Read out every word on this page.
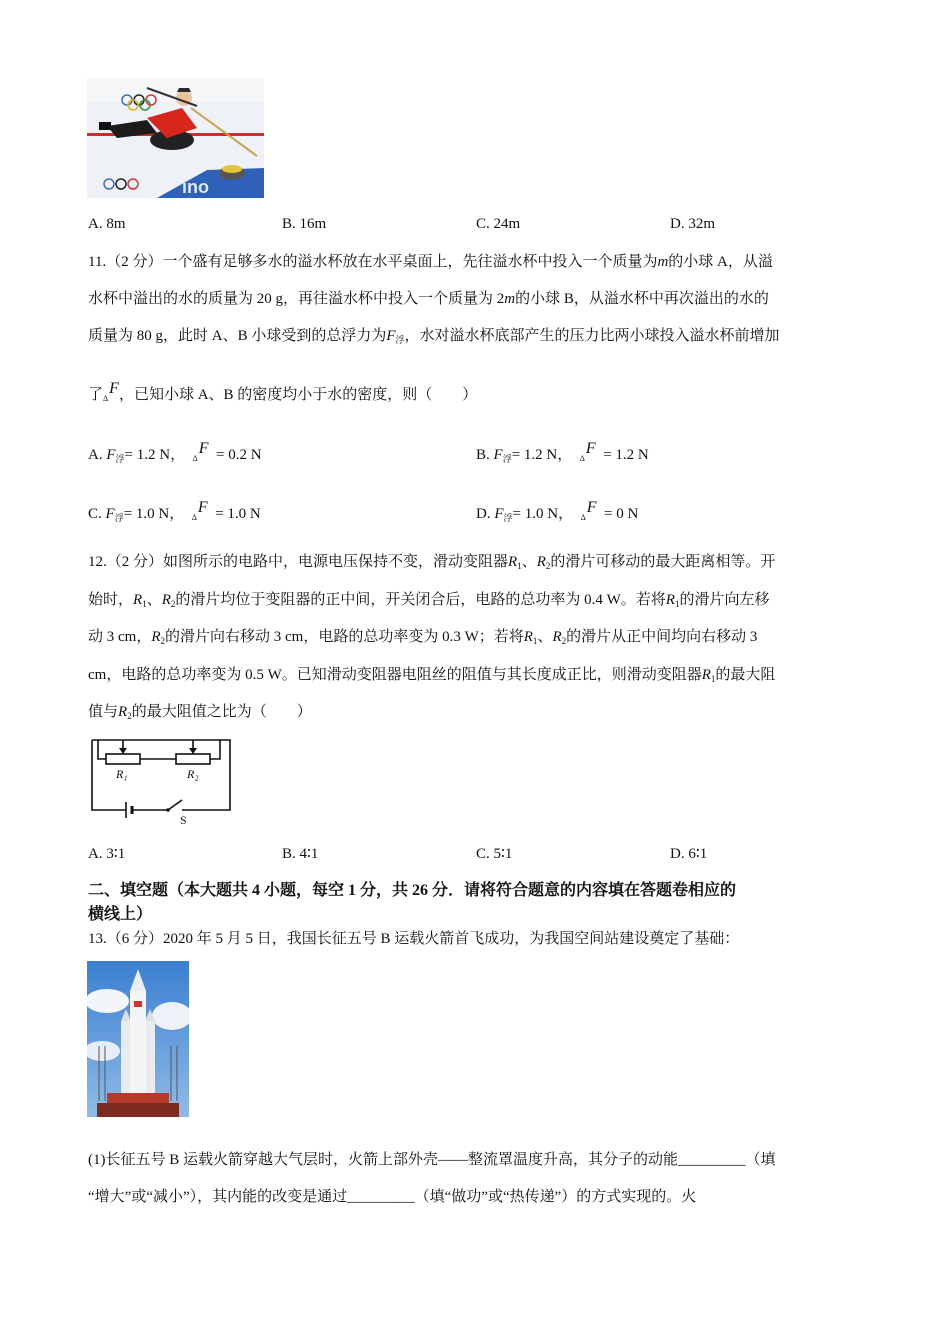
ino
A. 8m	B. 16m	C. 24m	D. 32m
11.（2 分）一个盛有足够多水的溢水杯放在水平桌面上，先往溢水杯中投入一个质量为m的小球 A，从溢
水杯中溢出的水的质量为 20 g，再往溢水杯中投入一个质量为 2m的小球 B，从溢水杯中再次溢出的水的
质量为 80 g，此时 A、B 小球受到的总浮力为$F_浮$，水对溢水杯底部产生的压力比两小球投入溢水杯前增加
了ΔF，已知小球 A、B 的密度均小于水的密度，则（　　）
A. $F_浮= 1.2$ N， ΔF = 0.2 N	B. $F_浮= 1.2$ N， ΔF = 1.2 N
C. $F_浮= 1.0$ N， ΔF = 1.0 N	D. $F_浮= 1.0$ N， ΔF = 0 N
12.（2 分）如图所示的电路中，电源电压保持不变，滑动变阻器$R_1$、$R_2$的滑片可移动的最大距离相等。开
始时，$R_1$、$R_2$的滑片均位于变阻器的正中间，开关闭合后，电路的总功率为 0.4 W。若将$R_1$的滑片向左移
动 3 cm，$R_2$的滑片向右移动 3 cm，电路的总功率变为 0.3 W；若将$R_1$、$R_2$的滑片从正中间均向右移动 3
cm，电路的总功率变为 0.5 W。已知滑动变阻器电阻丝的阻值与其长度成正比，则滑动变阻器$R_1$的最大阻
值与$R_2$的最大阻值之比为（　　）
R₁	R₂
S
A. 3∶1	B. 4∶1	C. 5∶1	D. 6∶1
二、填空题（本大题共 4 小题，每空 1 分，共 26 分．请将符合题意的内容填在答题卷相应的
横线上）
13.（6 分）2020 年 5 月 5 日，我国长征五号 B 运载火箭首飞成功，为我国空间站建设奠定了基础：
(1)长征五号 B 运载火箭穿越大气层时，火箭上部外壳——整流罩温度升高，其分子的动能_________（填
“增大”或“减小”），其内能的改变是通过_________（填“做功”或“热传递”）的方式实现的。火
